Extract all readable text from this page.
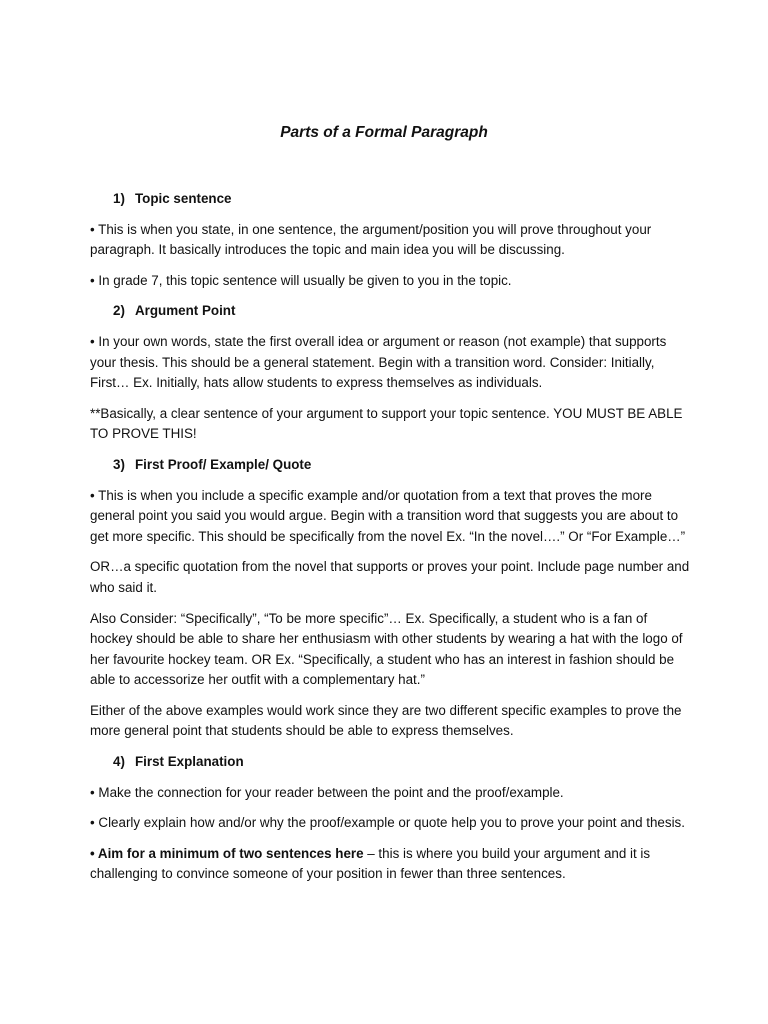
Parts of a Formal Paragraph
1) Topic sentence

• This is when you state, in one sentence, the argument/position you will prove throughout your paragraph. It basically introduces the topic and main idea you will be discussing.

• In grade 7, this topic sentence will usually be given to you in the topic.

2) Argument Point

• In your own words, state the first overall idea or argument or reason (not example) that supports your thesis. This should be a general statement. Begin with a transition word. Consider: Initially, First… Ex. Initially, hats allow students to express themselves as individuals.

**Basically, a clear sentence of your argument to support your topic sentence. YOU MUST BE ABLE TO PROVE THIS!

3) First Proof/ Example/ Quote

• This is when you include a specific example and/or quotation from a text that proves the more general point you said you would argue. Begin with a transition word that suggests you are about to get more specific. This should be specifically from the novel Ex. “In the novel….” Or “For Example…”

OR…a specific quotation from the novel that supports or proves your point. Include page number and who said it.

Also Consider: “Specifically”, “To be more specific”… Ex. Specifically, a student who is a fan of hockey should be able to share her enthusiasm with other students by wearing a hat with the logo of her favourite hockey team. OR Ex. “Specifically, a student who has an interest in fashion should be able to accessorize her outfit with a complementary hat.”

Either of the above examples would work since they are two different specific examples to prove the more general point that students should be able to express themselves.

4) First Explanation

• Make the connection for your reader between the point and the proof/example.

• Clearly explain how and/or why the proof/example or quote help you to prove your point and thesis.

• Aim for a minimum of two sentences here – this is where you build your argument and it is challenging to convince someone of your position in fewer than three sentences.
